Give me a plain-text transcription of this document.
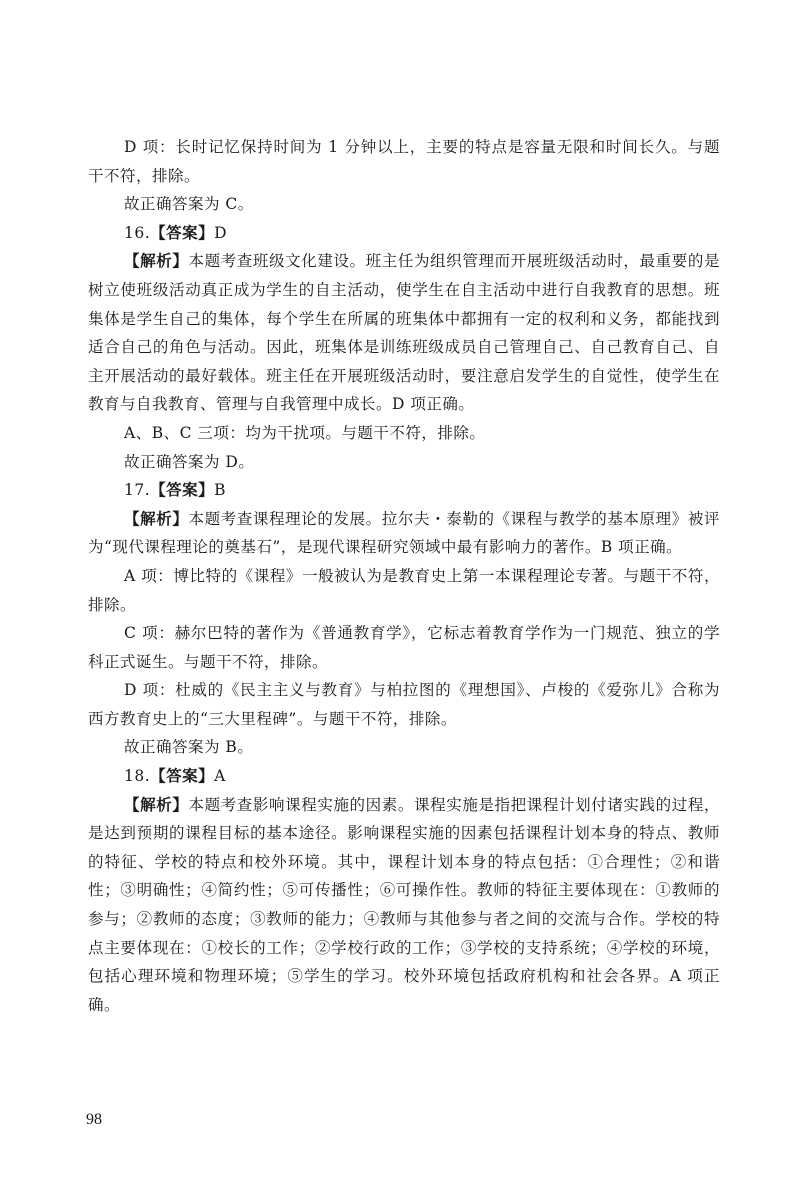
D 项：长时记忆保持时间为 1 分钟以上，主要的特点是容量无限和时间长久。与题干不符，排除。

故正确答案为 C。

16.【答案】D

【解析】本题考查班级文化建设。班主任为组织管理而开展班级活动时，最重要的是树立使班级活动真正成为学生的自主活动，使学生在自主活动中进行自我教育的思想。班集体是学生自己的集体，每个学生在所属的班集体中都拥有一定的权利和义务，都能找到适合自己的角色与活动。因此，班集体是训练班级成员自己管理自己、自己教育自己、自主开展活动的最好载体。班主任在开展班级活动时，要注意启发学生的自觉性，使学生在教育与自我教育、管理与自我管理中成长。D 项正确。

A、B、C 三项：均为干扰项。与题干不符，排除。

故正确答案为 D。

17.【答案】B

【解析】本题考查课程理论的发展。拉尔夫・泰勒的《课程与教学的基本原理》被评为“现代课程理论的奠基石”，是现代课程研究领域中最有影响力的著作。B 项正确。

A 项：博比特的《课程》一般被认为是教育史上第一本课程理论专著。与题干不符，排除。

C 项：赫尔巴特的著作为《普通教育学》，它标志着教育学作为一门规范、独立的学科正式诞生。与题干不符，排除。

D 项：杜威的《民主主义与教育》与柏拉图的《理想国》、卢梭的《爱弥儿》合称为西方教育史上的“三大里程碑”。与题干不符，排除。

故正确答案为 B。

18.【答案】A

【解析】本题考查影响课程实施的因素。课程实施是指把课程计划付诸实践的过程，是达到预期的课程目标的基本途径。影响课程实施的因素包括课程计划本身的特点、教师的特征、学校的特点和校外环境。其中，课程计划本身的特点包括：①合理性；②和谐性；③明确性；④简约性；⑤可传播性；⑥可操作性。教师的特征主要体现在：①教师的参与；②教师的态度；③教师的能力；④教师与其他参与者之间的交流与合作。学校的特点主要体现在：①校长的工作；②学校行政的工作；③学校的支持系统；④学校的环境，包括心理环境和物理环境；⑤学生的学习。校外环境包括政府机构和社会各界。A 项正确。

98
